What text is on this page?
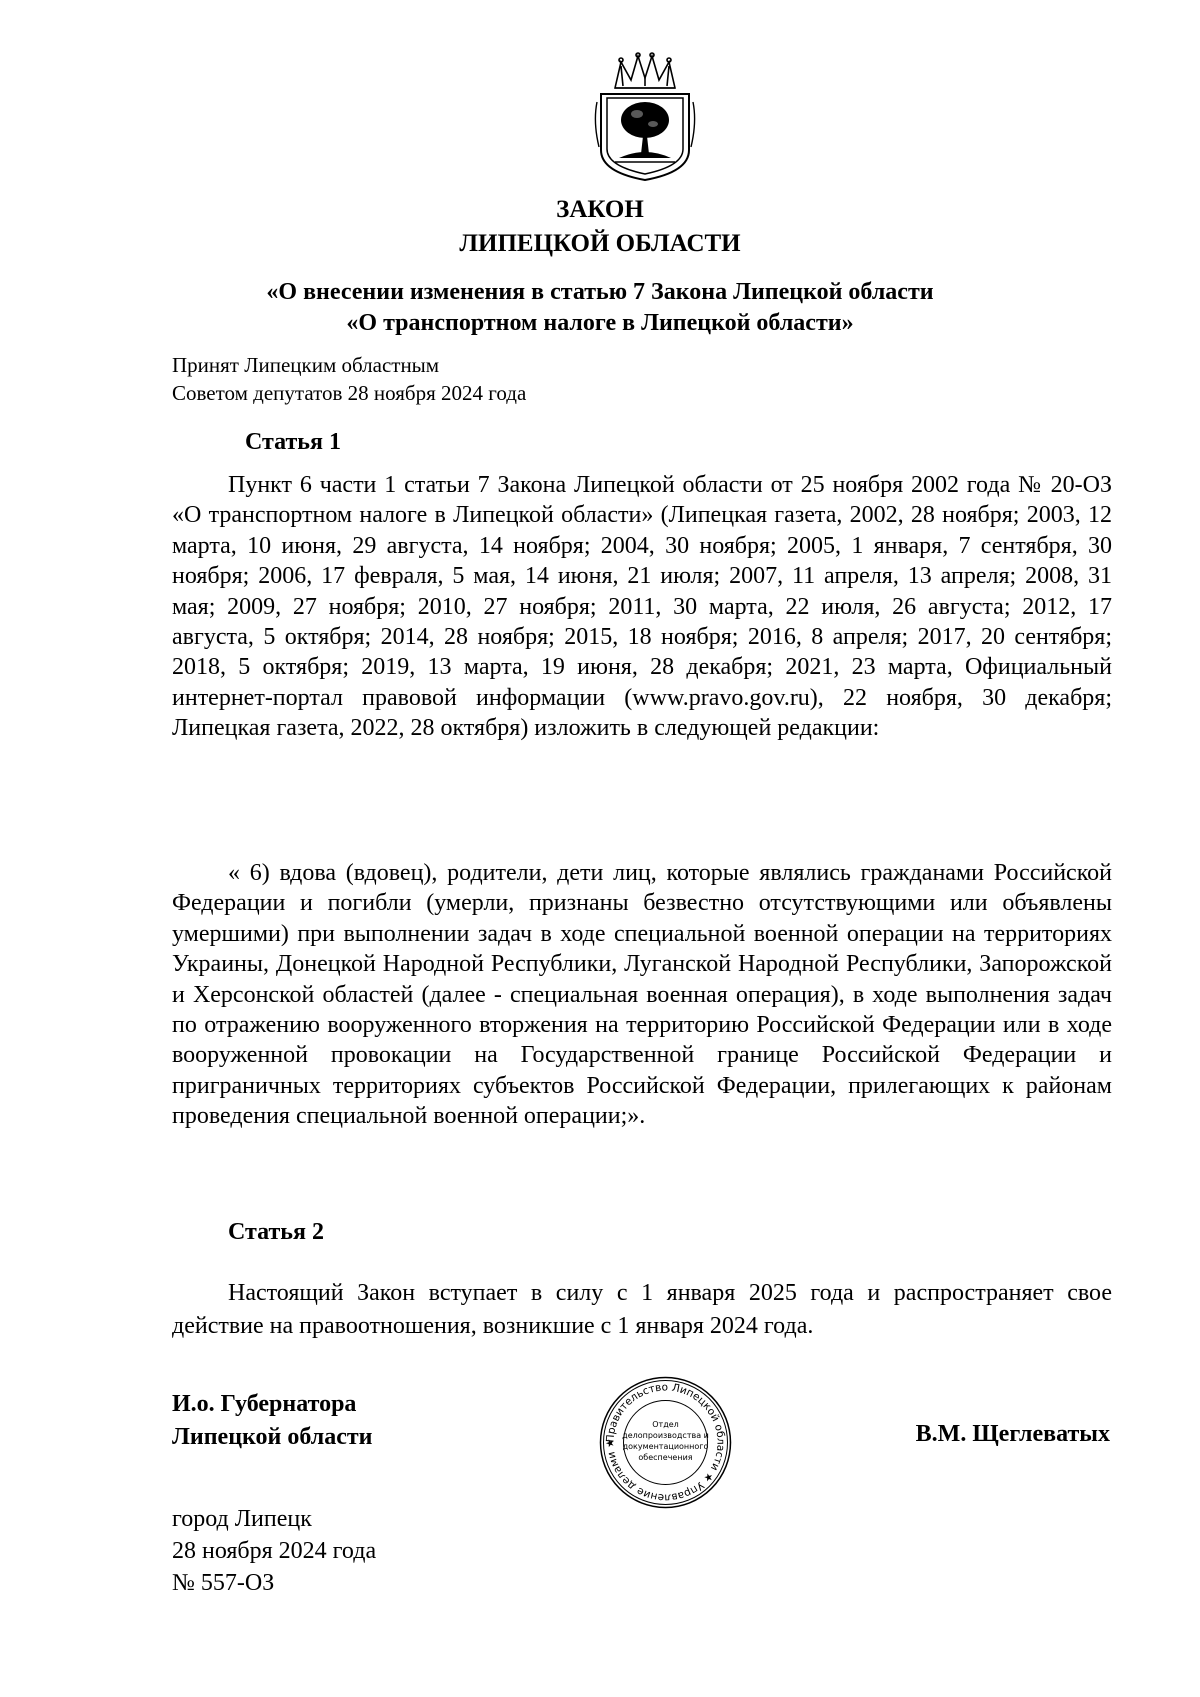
ЗАКОН
ЛИПЕЦКОЙ ОБЛАСТИ
«О внесении изменения в статью 7 Закона Липецкой области
«О транспортном налоге в Липецкой области»
Принят Липецким областным
Советом депутатов 28 ноября 2024 года
Статья 1
Пункт 6 части 1 статьи 7 Закона Липецкой области от 25 ноября 2002 года № 20-ОЗ «О транспортном налоге в Липецкой области» (Липецкая газета, 2002, 28 ноября; 2003, 12 марта, 10 июня, 29 августа, 14 ноября; 2004, 30 ноября; 2005, 1 января, 7 сентября, 30 ноября; 2006, 17 февраля, 5 мая, 14 июня, 21 июля; 2007, 11 апреля, 13 апреля; 2008, 31 мая; 2009, 27 ноября; 2010, 27 ноября; 2011, 30 марта, 22 июля, 26 августа; 2012, 17 августа, 5 октября; 2014, 28 ноября; 2015, 18 ноября; 2016, 8 апреля; 2017, 20 сентября; 2018, 5 октября; 2019, 13 марта, 19 июня, 28 декабря; 2021, 23 марта, Официальный интернет-портал правовой информации (www.pravo.gov.ru), 22 ноября, 30 декабря; Липецкая газета, 2022, 28 октября) изложить в следующей редакции:
« 6) вдова (вдовец), родители, дети лиц, которые являлись гражданами Российской Федерации и погибли (умерли, признаны безвестно отсутствующими или объявлены умершими) при выполнении задач в ходе специальной военной операции на территориях Украины, Донецкой Народной Республики, Луганской Народной Республики, Запорожской и Херсонской областей (далее - специальная военная операция), в ходе выполнения задач по отражению вооруженного вторжения на территорию Российской Федерации или в ходе вооруженной провокации на Государственной границе Российской Федерации и приграничных территориях субъектов Российской Федерации, прилегающих к районам проведения специальной военной операции;».
Статья 2
Настоящий Закон вступает в силу с 1 января 2025 года и распространяет свое действие на правоотношения, возникшие с 1 января 2024 года.
И.о. Губернатора
Липецкой области	Правительство Липецкой области ★ Управление делами ★
Отдел
делопроизводства и
документационного
обеспечения
В.М. Щеглеватых
город Липецк
28 ноября 2024 года
№ 557-ОЗ
